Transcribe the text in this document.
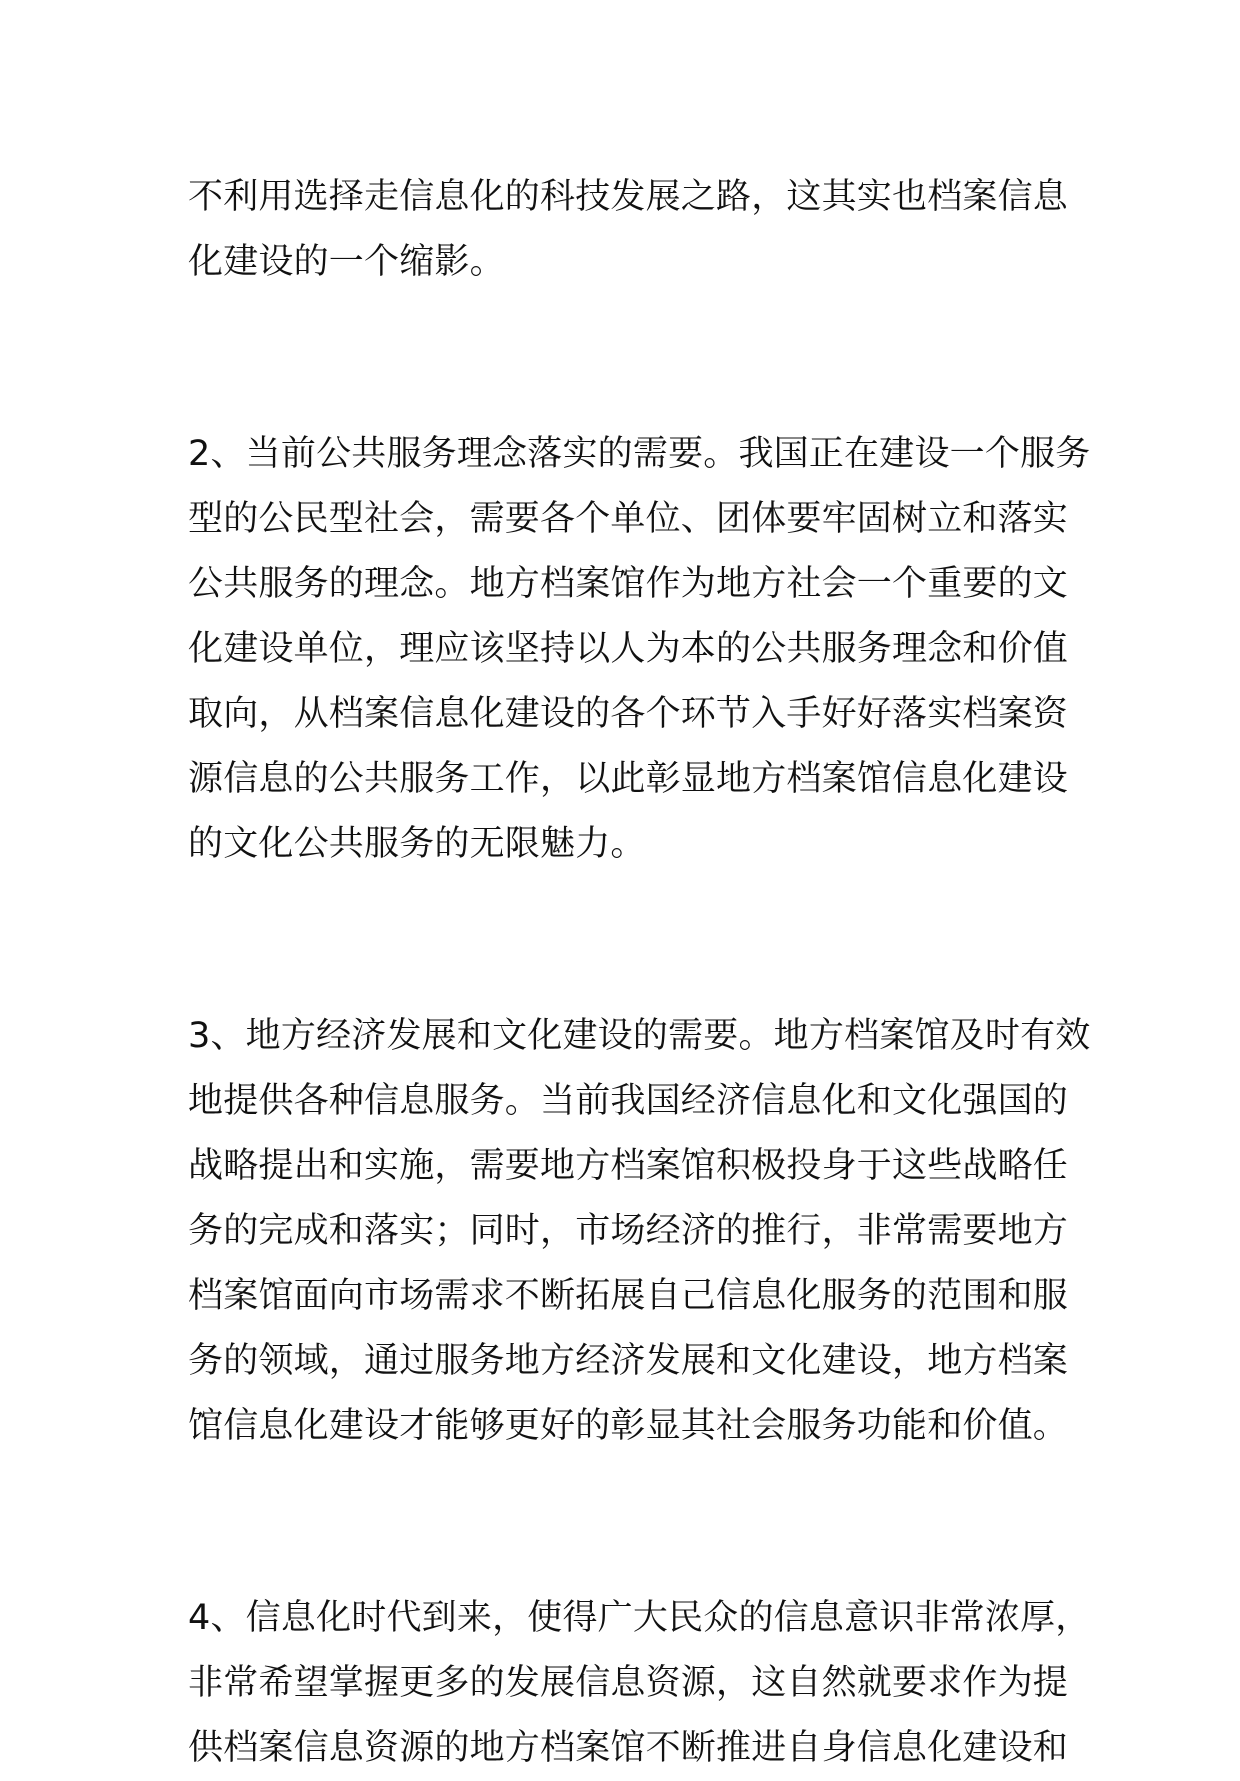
不利用选择走信息化的科技发展之路，这其实也档案信息
化建设的一个缩影。
2、当前公共服务理念落实的需要。我国正在建设一个服务
型的公民型社会，需要各个单位、团体要牢固树立和落实
公共服务的理念。地方档案馆作为地方社会一个重要的文
化建设单位，理应该坚持以人为本的公共服务理念和价值
取向，从档案信息化建设的各个环节入手好好落实档案资
源信息的公共服务工作，以此彰显地方档案馆信息化建设
的文化公共服务的无限魅力。
3、地方经济发展和文化建设的需要。地方档案馆及时有效
地提供各种信息服务。当前我国经济信息化和文化强国的
战略提出和实施，需要地方档案馆积极投身于这些战略任
务的完成和落实；同时，市场经济的推行，非常需要地方
档案馆面向市场需求不断拓展自己信息化服务的范围和服
务的领域，通过服务地方经济发展和文化建设，地方档案
馆信息化建设才能够更好的彰显其社会服务功能和价值。
4、信息化时代到来，使得广大民众的信息意识非常浓厚，
非常希望掌握更多的发展信息资源，这自然就要求作为提
供档案信息资源的地方档案馆不断推进自身信息化建设和
